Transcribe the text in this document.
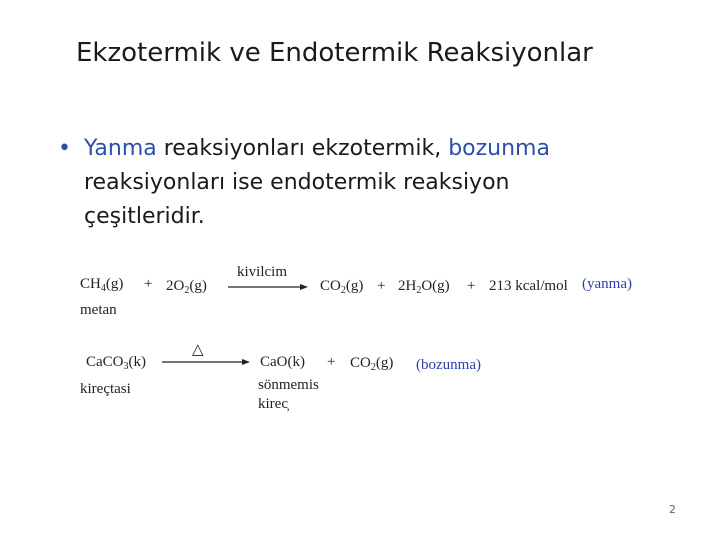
Ekzotermik ve Endotermik Reaksiyonlar
• Yanma reaksiyonları ekzotermik, bozunma reaksiyonları ise endotermik reaksiyon çeşitleridir.
$CH_4(g) + 2O_2(g)$
kivilcim
$CO_2(g) + 2H_2O(g) + 213$ kcal/mol (yanma)
metan
CaCO$_3$(k)
△
$CaO(k) + CO_2(g)$ (bozunma)
kireçtasi	sönmemis
kirec̦
2
